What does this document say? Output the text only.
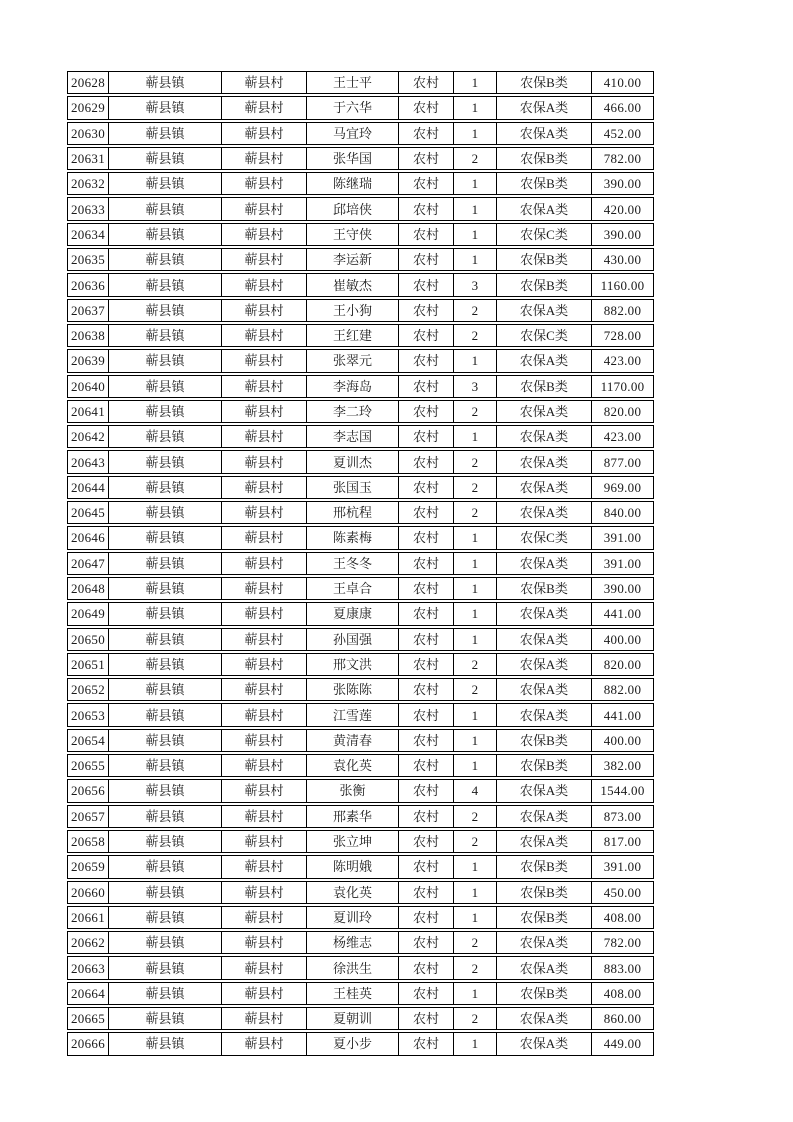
20628	蕲县镇	蕲县村	王士平	农村	1	农保B类	410.00
20629	蕲县镇	蕲县村	于六华	农村	1	农保A类	466.00
20630	蕲县镇	蕲县村	马宜玲	农村	1	农保A类	452.00
20631	蕲县镇	蕲县村	张华国	农村	2	农保B类	782.00
20632	蕲县镇	蕲县村	陈继瑞	农村	1	农保B类	390.00
20633	蕲县镇	蕲县村	邱培侠	农村	1	农保A类	420.00
20634	蕲县镇	蕲县村	王守侠	农村	1	农保C类	390.00
20635	蕲县镇	蕲县村	李运新	农村	1	农保B类	430.00
20636	蕲县镇	蕲县村	崔敏杰	农村	3	农保B类	1160.00
20637	蕲县镇	蕲县村	王小狗	农村	2	农保A类	882.00
20638	蕲县镇	蕲县村	王红建	农村	2	农保C类	728.00
20639	蕲县镇	蕲县村	张翠元	农村	1	农保A类	423.00
20640	蕲县镇	蕲县村	李海岛	农村	3	农保B类	1170.00
20641	蕲县镇	蕲县村	李二玲	农村	2	农保A类	820.00
20642	蕲县镇	蕲县村	李志国	农村	1	农保A类	423.00
20643	蕲县镇	蕲县村	夏训杰	农村	2	农保A类	877.00
20644	蕲县镇	蕲县村	张国玉	农村	2	农保A类	969.00
20645	蕲县镇	蕲县村	邢杭程	农村	2	农保A类	840.00
20646	蕲县镇	蕲县村	陈素梅	农村	1	农保C类	391.00
20647	蕲县镇	蕲县村	王冬冬	农村	1	农保A类	391.00
20648	蕲县镇	蕲县村	王卓合	农村	1	农保B类	390.00
20649	蕲县镇	蕲县村	夏康康	农村	1	农保A类	441.00
20650	蕲县镇	蕲县村	孙国强	农村	1	农保A类	400.00
20651	蕲县镇	蕲县村	邢文洪	农村	2	农保A类	820.00
20652	蕲县镇	蕲县村	张陈陈	农村	2	农保A类	882.00
20653	蕲县镇	蕲县村	江雪莲	农村	1	农保A类	441.00
20654	蕲县镇	蕲县村	黄清春	农村	1	农保B类	400.00
20655	蕲县镇	蕲县村	袁化英	农村	1	农保B类	382.00
20656	蕲县镇	蕲县村	张衡	农村	4	农保A类	1544.00
20657	蕲县镇	蕲县村	邢素华	农村	2	农保A类	873.00
20658	蕲县镇	蕲县村	张立坤	农村	2	农保A类	817.00
20659	蕲县镇	蕲县村	陈明娥	农村	1	农保B类	391.00
20660	蕲县镇	蕲县村	袁化英	农村	1	农保B类	450.00
20661	蕲县镇	蕲县村	夏训玲	农村	1	农保B类	408.00
20662	蕲县镇	蕲县村	杨维志	农村	2	农保A类	782.00
20663	蕲县镇	蕲县村	徐洪生	农村	2	农保A类	883.00
20664	蕲县镇	蕲县村	王桂英	农村	1	农保B类	408.00
20665	蕲县镇	蕲县村	夏朝训	农村	2	农保A类	860.00
20666	蕲县镇	蕲县村	夏小步	农村	1	农保A类	449.00
